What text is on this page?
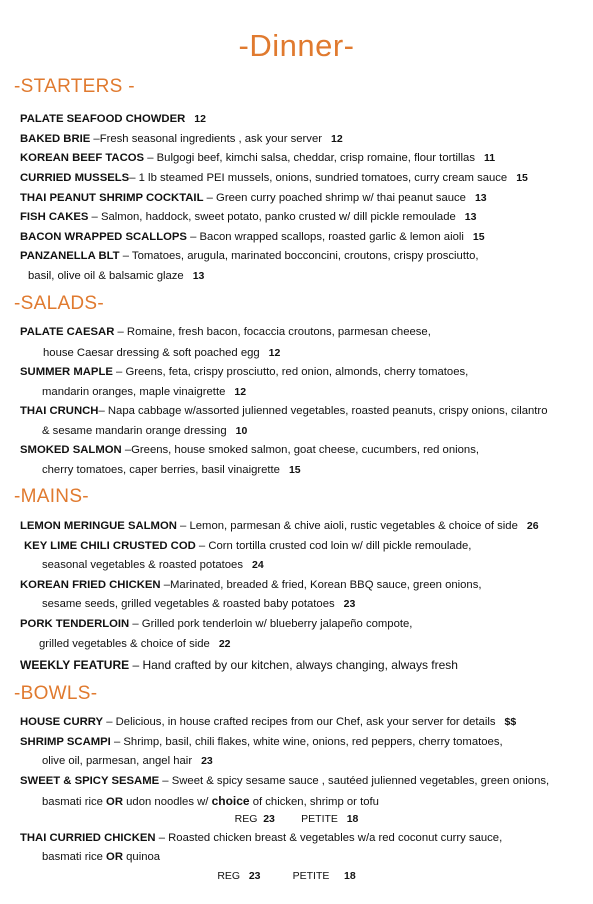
-Dinner-
-STARTERS -
PALATE SEAFOOD CHOWDER 12
BAKED BRIE –Fresh seasonal ingredients , ask your server 12
KOREAN BEEF TACOS – Bulgogi beef, kimchi salsa, cheddar, crisp romaine, flour tortillas 11
CURRIED MUSSELS– 1 lb steamed PEI mussels, onions, sundried tomatoes, curry cream sauce 15
THAI PEANUT SHRIMP COCKTAIL – Green curry poached shrimp w/ thai peanut sauce 13
FISH CAKES – Salmon, haddock, sweet potato, panko crusted w/ dill pickle remoulade 13
BACON WRAPPED SCALLOPS – Bacon wrapped scallops, roasted garlic & lemon aioli 15
PANZANELLA BLT – Tomatoes, arugula, marinated bocconcini, croutons, crispy prosciutto,
basil, olive oil & balsamic glaze 13
-SALADS-
PALATE CAESAR – Romaine, fresh bacon, focaccia croutons, parmesan cheese,
house Caesar dressing & soft poached egg 12
SUMMER MAPLE – Greens, feta, crispy prosciutto, red onion, almonds, cherry tomatoes,
mandarin oranges, maple vinaigrette 12
THAI CRUNCH– Napa cabbage w/assorted julienned vegetables, roasted peanuts, crispy onions, cilantro
& sesame mandarin orange dressing 10
SMOKED SALMON –Greens, house smoked salmon, goat cheese, cucumbers, red onions,
cherry tomatoes, caper berries, basil vinaigrette 15
-MAINS-
LEMON MERINGUE SALMON – Lemon, parmesan & chive aioli, rustic vegetables & choice of side 26
KEY LIME CHILI CRUSTED COD – Corn tortilla crusted cod loin w/ dill pickle remoulade,
seasonal vegetables & roasted potatoes 24
KOREAN FRIED CHICKEN –Marinated, breaded & fried, Korean BBQ sauce, green onions,
sesame seeds, grilled vegetables & roasted baby potatoes 23
PORK TENDERLOIN – Grilled pork tenderloin w/ blueberry jalapeño compote,
grilled vegetables & choice of side 22
WEEKLY FEATURE – Hand crafted by our kitchen, always changing, always fresh
-BOWLS-
HOUSE CURRY – Delicious, in house crafted recipes from our Chef, ask your server for details $$
SHRIMP SCAMPI – Shrimp, basil, chili flakes, white wine, onions, red peppers, cherry tomatoes,
olive oil, parmesan, angel hair 23
SWEET & SPICY SESAME – Sweet & spicy sesame sauce , sautéed julienned vegetables, green onions,
basmati rice OR udon noodles w/ choice of chicken, shrimp or tofu
REG 23	PETITE 18
THAI CURRIED CHICKEN – Roasted chicken breast & vegetables w/a red coconut curry sauce,
basmati rice OR quinoa
REG 23	PETITE 18
